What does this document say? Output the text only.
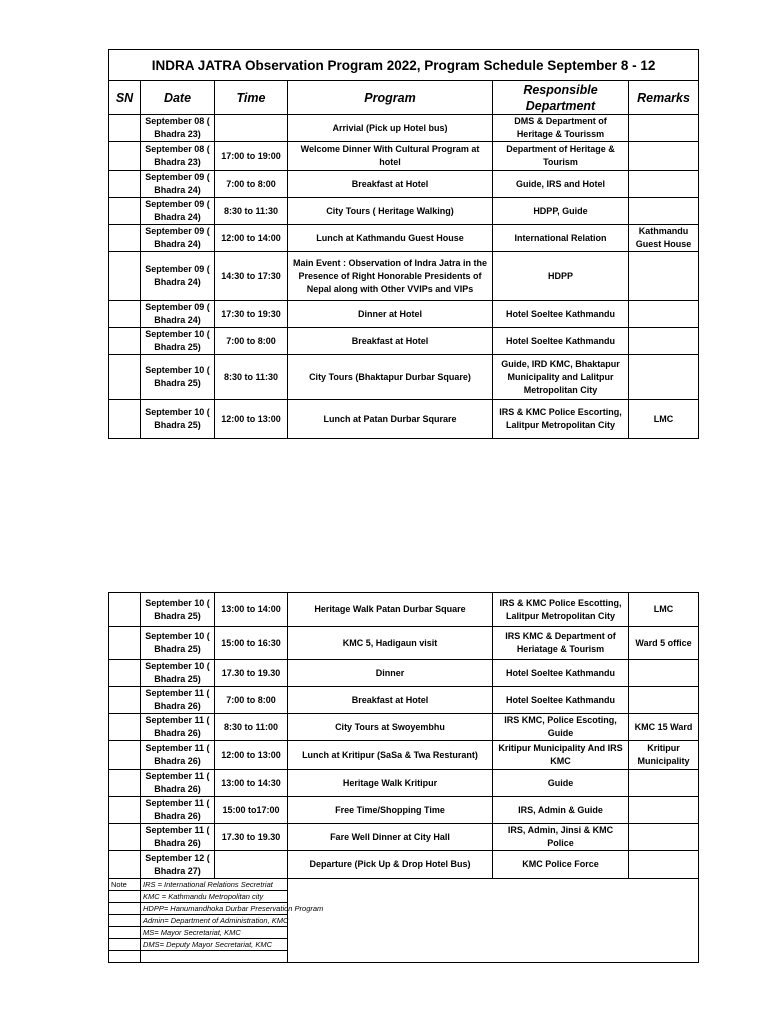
INDRA JATRA Observation Program 2022, Program Schedule September 8 - 12					
SN	Date	Time	Program	Responsible Department	Remarks
	September 08 ( Bhadra 23)		Arrivial (Pick up Hotel bus)	DMS & Department of Heritage & Tourissm	
	September 08 ( Bhadra 23)	17:00 to 19:00	Welcome Dinner With Cultural Program at hotel	Department of Heritage & Tourism	
	September 09 ( Bhadra 24)	7:00 to 8:00	Breakfast at Hotel	Guide, IRS and Hotel	
	September 09 ( Bhadra 24)	8:30 to 11:30	City Tours ( Heritage Walking)	HDPP, Guide	
	September 09 ( Bhadra 24)	12:00 to 14:00	Lunch at Kathmandu Guest House	International Relation	Kathmandu Guest House
	September 09 ( Bhadra 24)	14:30 to 17:30	Main Event : Observation of Indra Jatra in the Presence of Right Honorable Presidents of Nepal along with Other VVIPs and VIPs	HDPP	
	September 09 ( Bhadra 24)	17:30 to 19:30	Dinner at Hotel	Hotel Soeltee Kathmandu	
	September 10 ( Bhadra 25)	7:00 to 8:00	Breakfast at Hotel	Hotel Soeltee Kathmandu	
	September 10 ( Bhadra 25)	8:30 to 11:30	City Tours (Bhaktapur Durbar Square)	Guide, IRD KMC, Bhaktapur Municipality and Lalitpur Metropolitan City	
	September 10 ( Bhadra 25)	12:00 to 13:00	Lunch at Patan Durbar Squrare	IRS & KMC Police Escorting, Lalitpur Metropolitan City	LMC
	September 10 ( Bhadra 25)	13:00 to 14:00	Heritage Walk Patan Durbar Square	IRS & KMC Police Escotting, Lalitpur Metropolitan City	LMC
	September 10 ( Bhadra 25)	15:00 to 16:30	KMC 5, Hadigaun visit	IRS KMC & Department of Heriatage & Tourism	Ward 5 office
	September 10 ( Bhadra 25)	17.30 to 19.30	Dinner	Hotel Soeltee Kathmandu	
	September 11 ( Bhadra 26)	7:00 to 8:00	Breakfast at Hotel	Hotel Soeltee Kathmandu	
	September 11 ( Bhadra 26)	8:30 to 11:00	City Tours at Swoyembhu	IRS KMC, Police Escoting, Guide	KMC 15 Ward
	September 11 ( Bhadra 26)	12:00 to 13:00	Lunch at Kritipur (SaSa & Twa Resturant)	Kritipur Municipality And IRS KMC	Kritipur Municipality
	September 11 ( Bhadra 26)	13:00 to 14:30	Heritage Walk Kritipur	Guide	
	September 11 ( Bhadra 26)	15:00 to17:00	Free Time/Shopping Time	IRS, Admin & Guide	
	September 11 ( Bhadra 26)	17.30 to 19.30	Fare Well Dinner at City Hall	IRS, Admin, Jinsi & KMC Police	
	September 12 ( Bhadra 27)		Departure (Pick Up & Drop Hotel Bus)	KMC Police Force	
Note	IRS = International Relations Secretriat				
	KMC = Kathmandu Metropolitan city				
	HDPP= Hanumandhoka Durbar Preservation Program				
	Admin= Department of Administration, KMC				
	MS= Mayor Secretariat, KMC				
	DMS= Deputy Mayor Secretariat, KMC				
